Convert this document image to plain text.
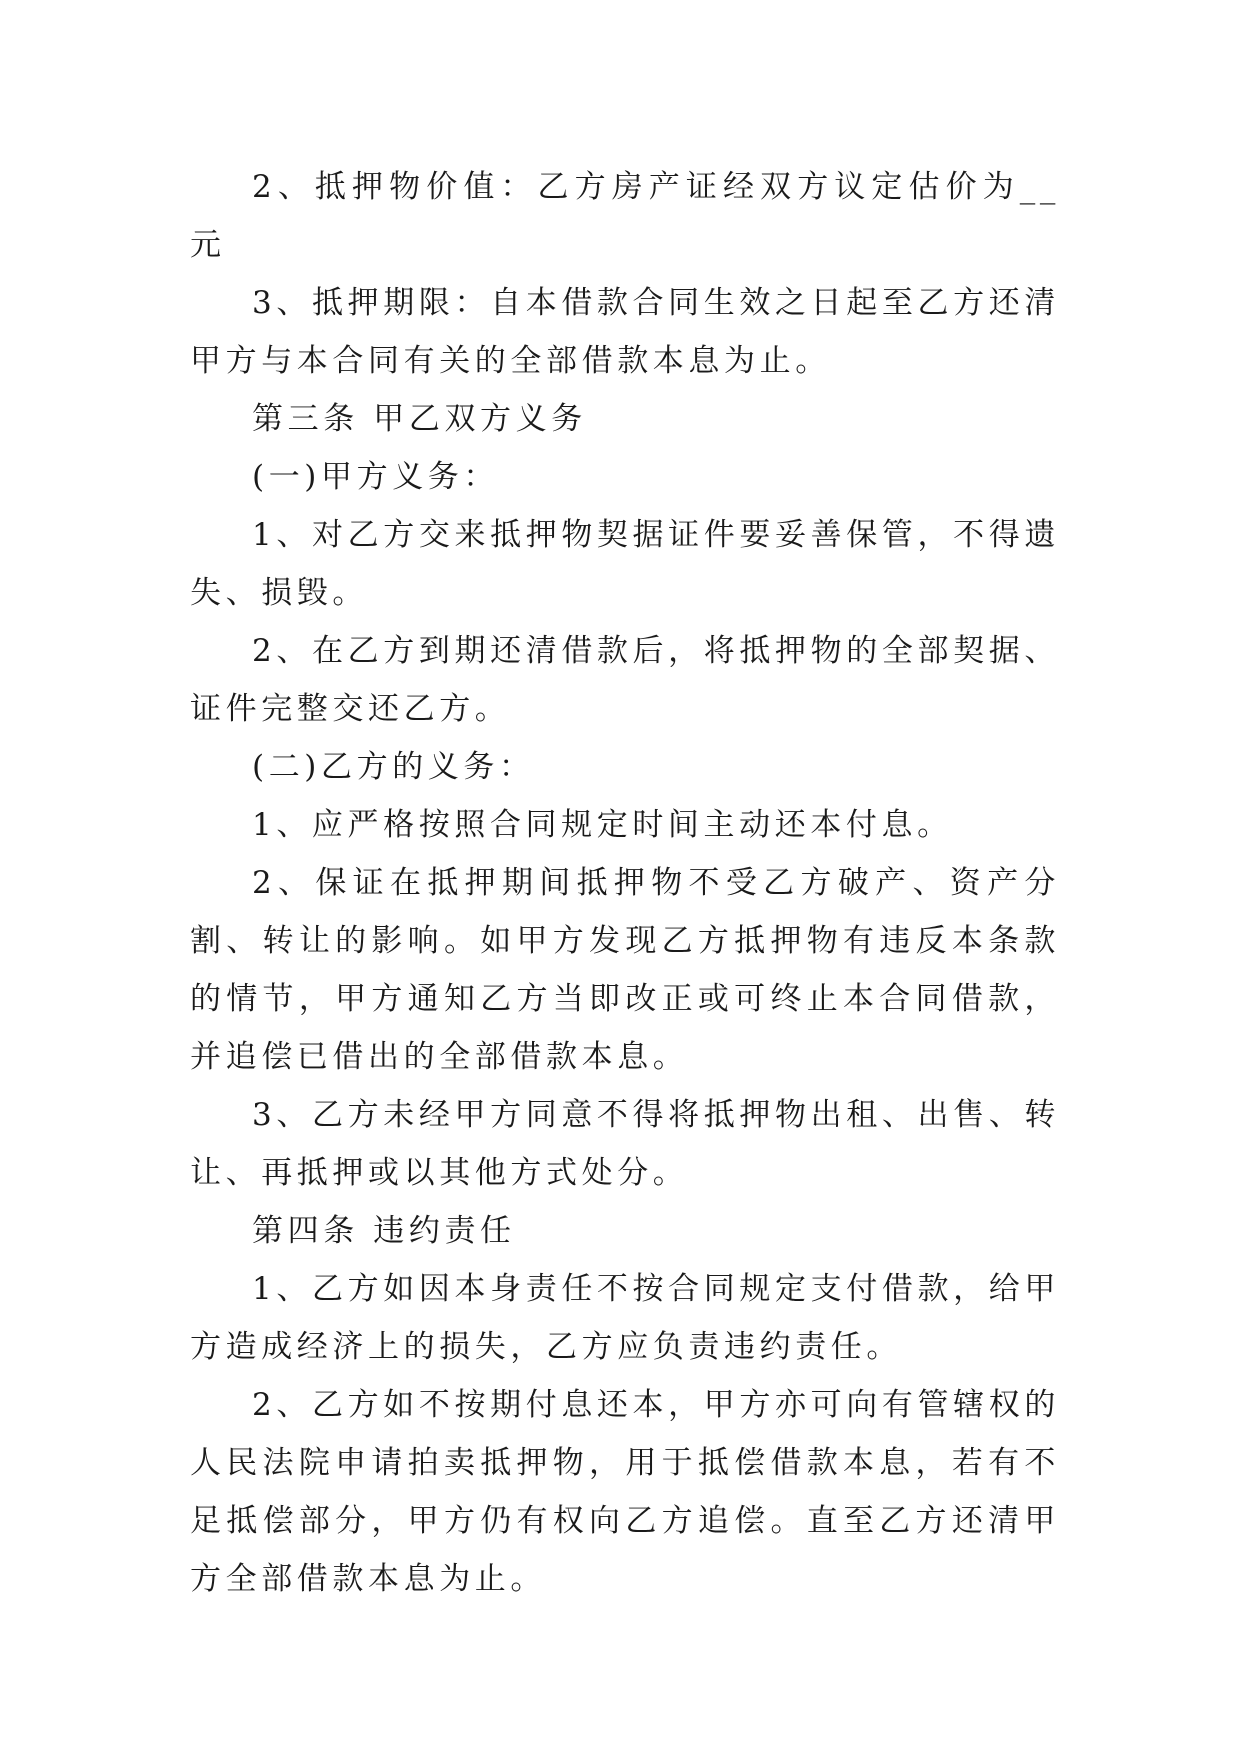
2、抵押物价值：乙方房产证经双方议定估价为__元

3、抵押期限：自本借款合同生效之日起至乙方还清甲方与本合同有关的全部借款本息为止。

第三条 甲乙双方义务

(一)甲方义务：

1、对乙方交来抵押物契据证件要妥善保管，不得遗失、损毁。

2、在乙方到期还清借款后，将抵押物的全部契据、证件完整交还乙方。

(二)乙方的义务：

1、应严格按照合同规定时间主动还本付息。

2、保证在抵押期间抵押物不受乙方破产、资产分割、转让的影响。如甲方发现乙方抵押物有违反本条款的情节，甲方通知乙方当即改正或可终止本合同借款，并追偿已借出的全部借款本息。

3、乙方未经甲方同意不得将抵押物出租、出售、转让、再抵押或以其他方式处分。

第四条 违约责任

1、乙方如因本身责任不按合同规定支付借款，给甲方造成经济上的损失，乙方应负责违约责任。

2、乙方如不按期付息还本，甲方亦可向有管辖权的人民法院申请拍卖抵押物，用于抵偿借款本息，若有不足抵偿部分，甲方仍有权向乙方追偿。直至乙方还清甲方全部借款本息为止。
